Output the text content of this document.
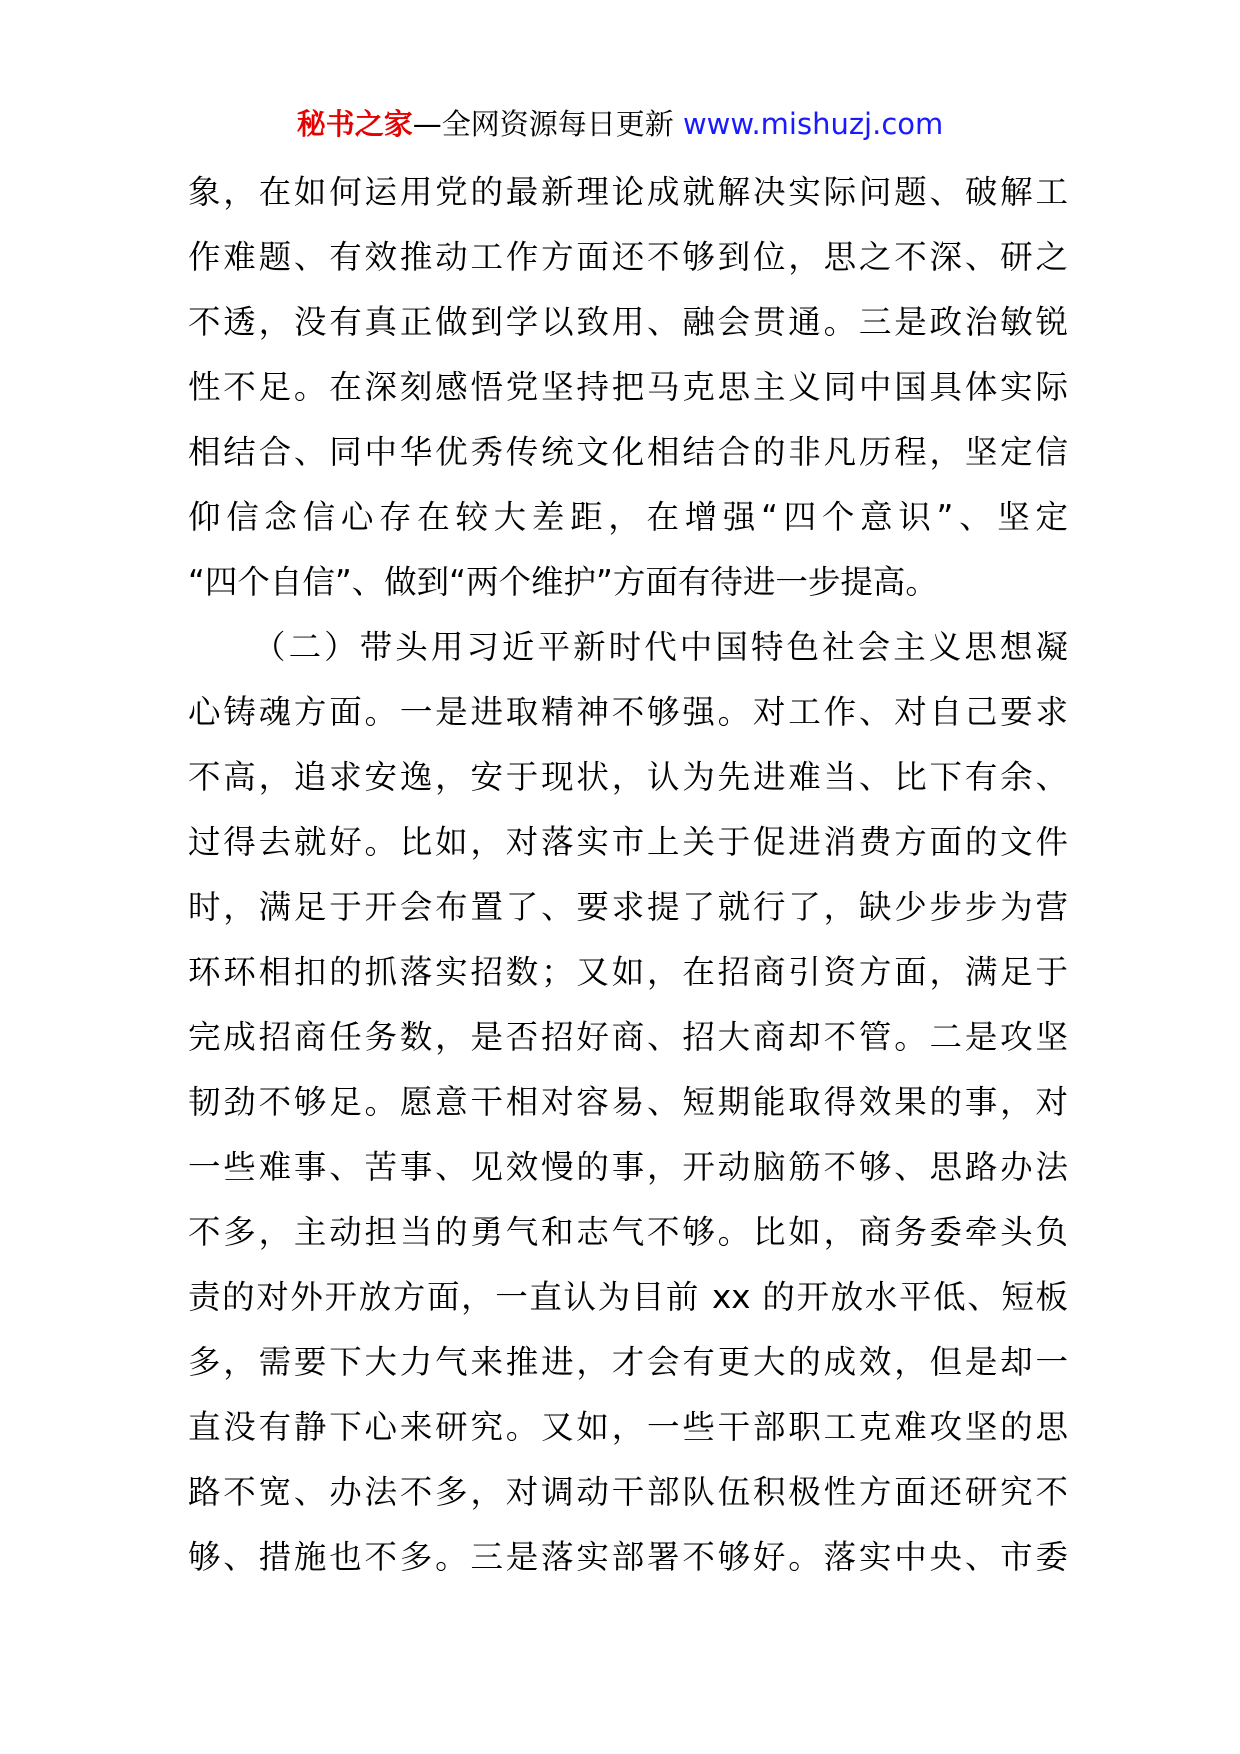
秘书之家—全网资源每日更新 www.mishuzj.com
象，在如何运用党的最新理论成就解决实际问题、破解工
作难题、有效推动工作方面还不够到位，思之不深、研之
不透，没有真正做到学以致用、融会贯通。三是政治敏锐
性不足。在深刻感悟党坚持把马克思主义同中国具体实际
相结合、同中华优秀传统文化相结合的非凡历程，坚定信
仰信念信心存在较大差距，在增强“四个意识”、坚定
“四个自信”、做到“两个维护”方面有待进一步提高。
（二）带头用习近平新时代中国特色社会主义思想凝
心铸魂方面。一是进取精神不够强。对工作、对自己要求
不高，追求安逸，安于现状，认为先进难当、比下有余、
过得去就好。比如，对落实市上关于促进消费方面的文件
时，满足于开会布置了、要求提了就行了，缺少步步为营
环环相扣的抓落实招数；又如，在招商引资方面，满足于
完成招商任务数，是否招好商、招大商却不管。二是攻坚
韧劲不够足。愿意干相对容易、短期能取得效果的事，对
一些难事、苦事、见效慢的事，开动脑筋不够、思路办法
不多，主动担当的勇气和志气不够。比如，商务委牵头负
责的对外开放方面，一直认为目前 xx 的开放水平低、短板
多，需要下大力气来推进，才会有更大的成效，但是却一
直没有静下心来研究。又如，一些干部职工克难攻坚的思
路不宽、办法不多，对调动干部队伍积极性方面还研究不
够、措施也不多。三是落实部署不够好。落实中央、市委
